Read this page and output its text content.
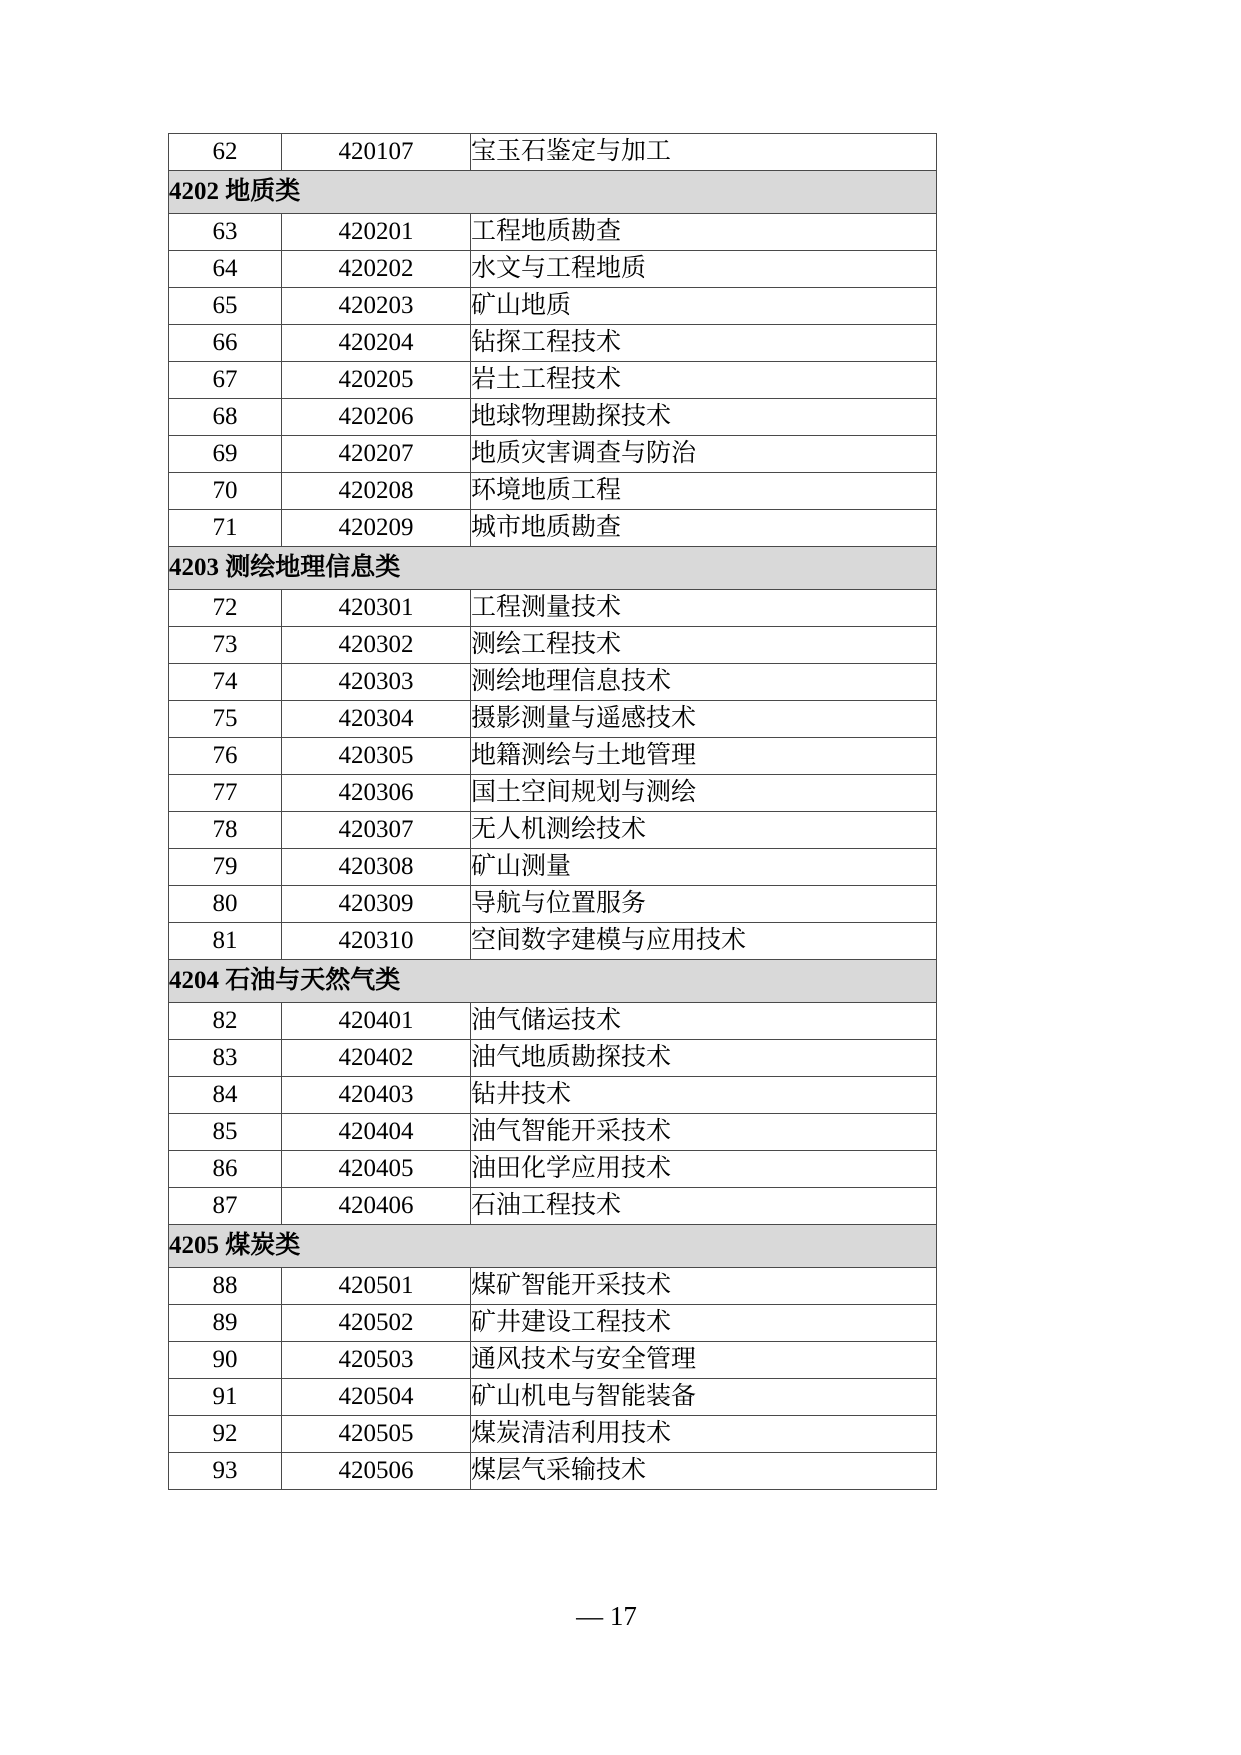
62	420107	宝玉石鉴定与加工
4202 地质类		
63	420201	工程地质勘查
64	420202	水文与工程地质
65	420203	矿山地质
66	420204	钻探工程技术
67	420205	岩土工程技术
68	420206	地球物理勘探技术
69	420207	地质灾害调查与防治
70	420208	环境地质工程
71	420209	城市地质勘查
4203 测绘地理信息类		
72	420301	工程测量技术
73	420302	测绘工程技术
74	420303	测绘地理信息技术
75	420304	摄影测量与遥感技术
76	420305	地籍测绘与土地管理
77	420306	国土空间规划与测绘
78	420307	无人机测绘技术
79	420308	矿山测量
80	420309	导航与位置服务
81	420310	空间数字建模与应用技术
4204 石油与天然气类		
82	420401	油气储运技术
83	420402	油气地质勘探技术
84	420403	钻井技术
85	420404	油气智能开采技术
86	420405	油田化学应用技术
87	420406	石油工程技术
4205 煤炭类		
88	420501	煤矿智能开采技术
89	420502	矿井建设工程技术
90	420503	通风技术与安全管理
91	420504	矿山机电与智能装备
92	420505	煤炭清洁利用技术
93	420506	煤层气采输技术
— 17
